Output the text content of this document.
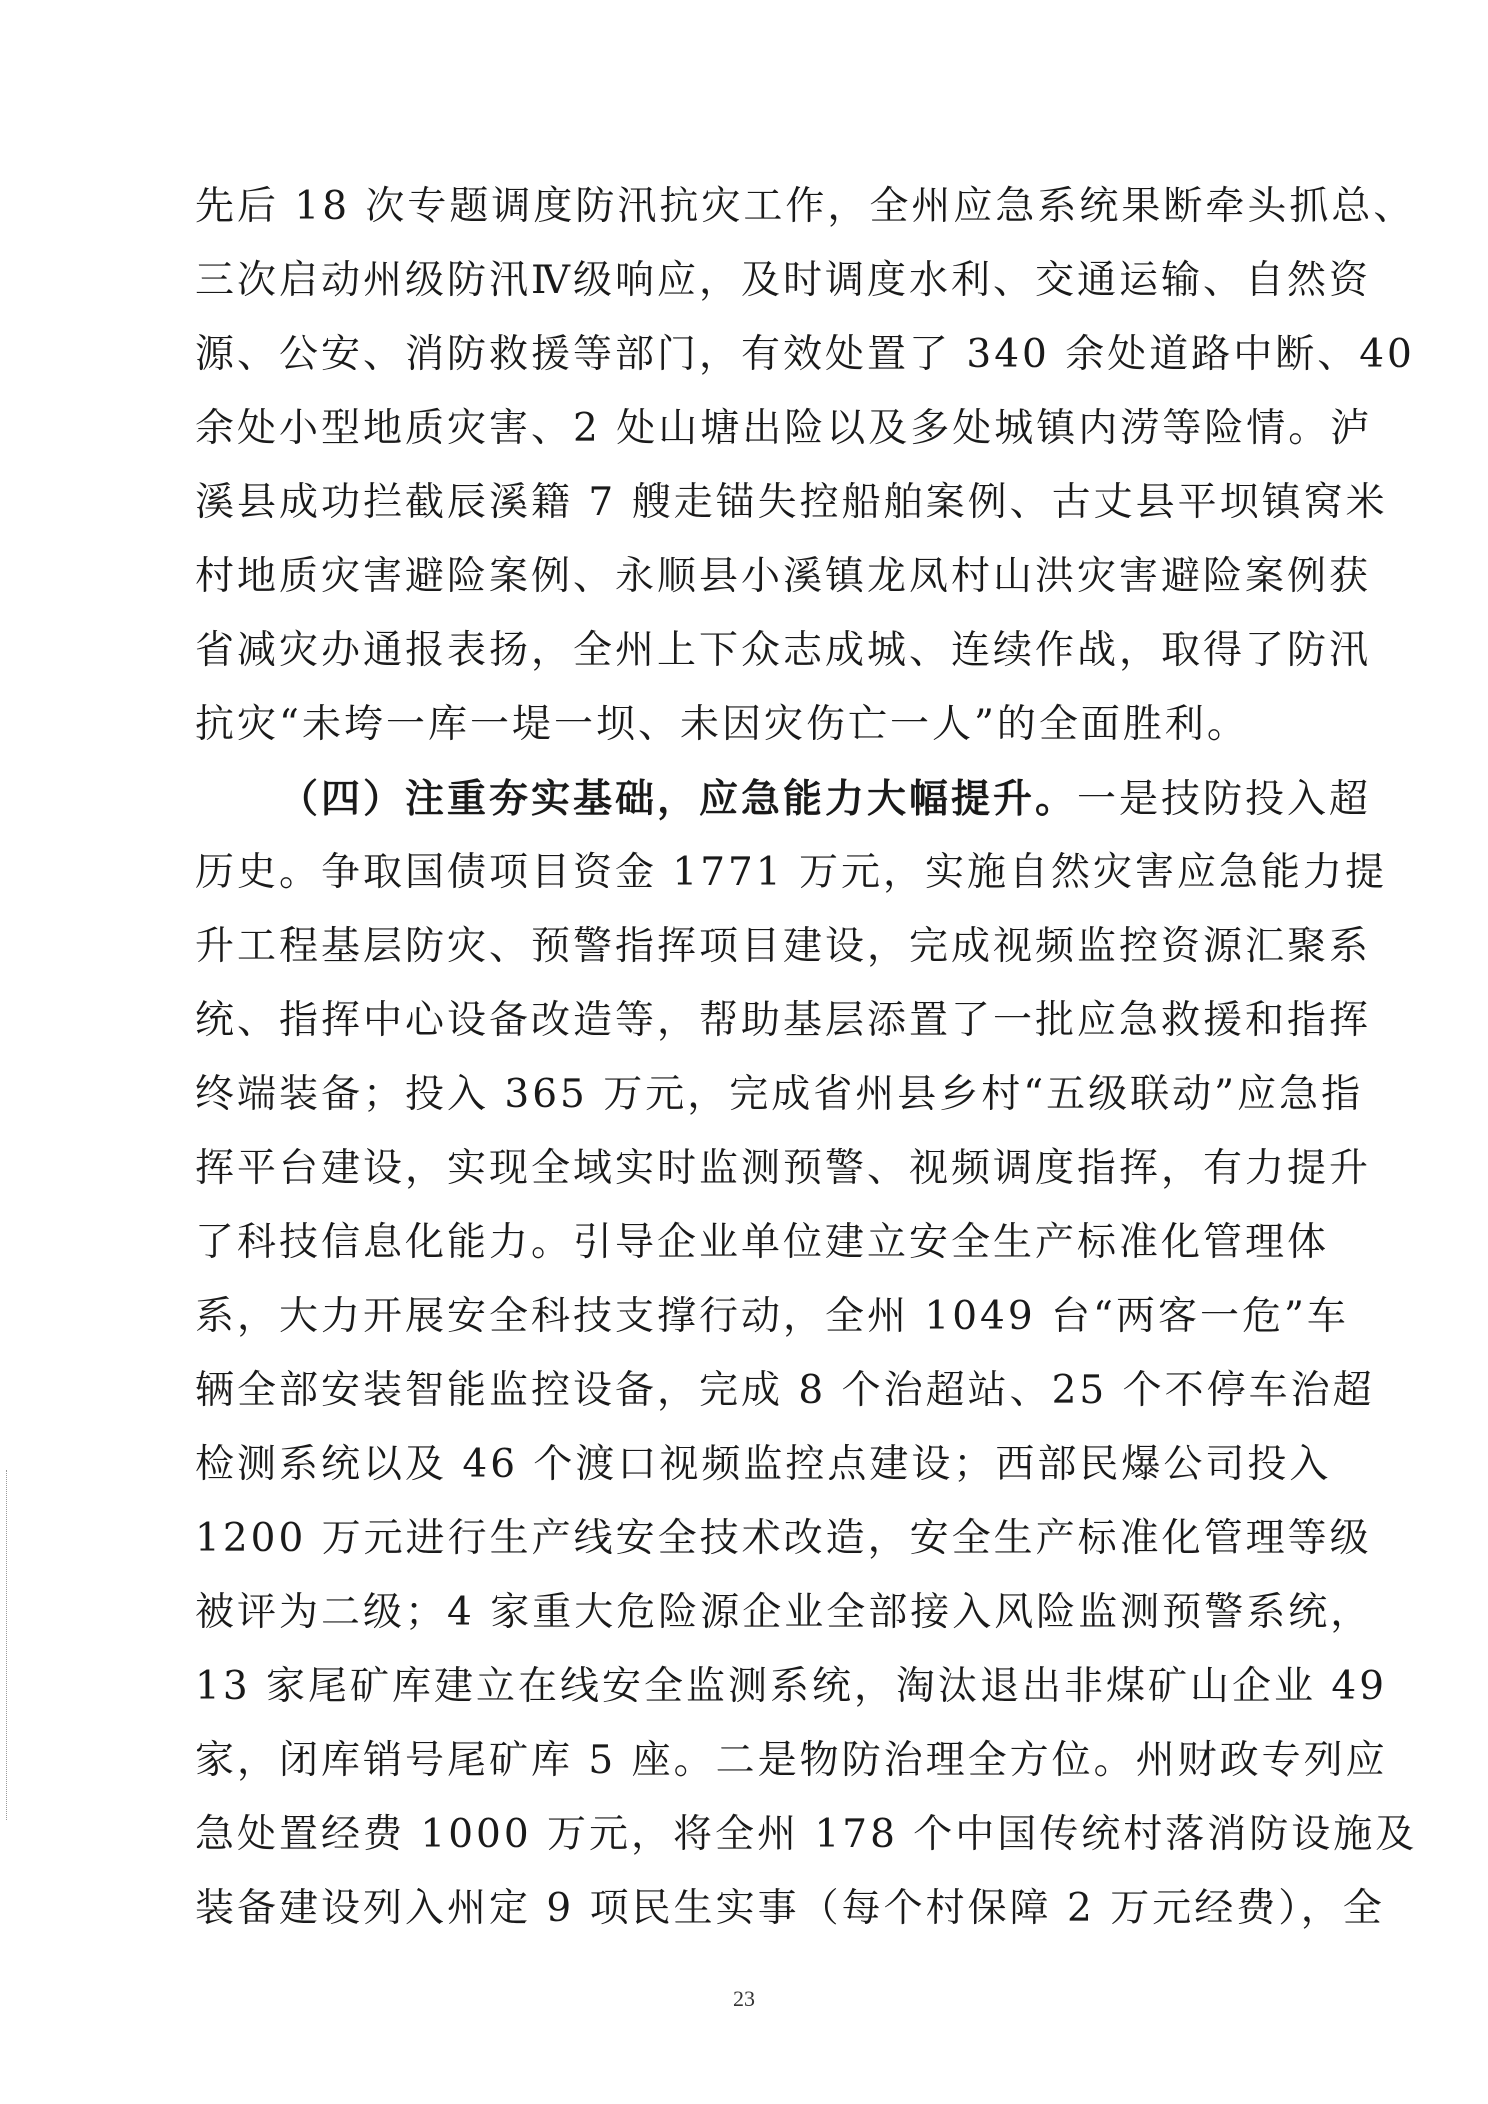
先后 18 次专题调度防汛抗灾工作，全州应急系统果断牵头抓总、
三次启动州级防汛Ⅳ级响应，及时调度水利、交通运输、自然资
源、公安、消防救援等部门，有效处置了 340 余处道路中断、40
余处小型地质灾害、2 处山塘出险以及多处城镇内涝等险情。泸
溪县成功拦截辰溪籍 7 艘走锚失控船舶案例、古丈县平坝镇窝米
村地质灾害避险案例、永顺县小溪镇龙凤村山洪灾害避险案例获
省减灾办通报表扬，全州上下众志成城、连续作战，取得了防汛
抗灾“未垮一库一堤一坝、未因灾伤亡一人”的全面胜利。
（四）注重夯实基础，应急能力大幅提升。一是技防投入超
历史。争取国债项目资金 1771 万元，实施自然灾害应急能力提
升工程基层防灾、预警指挥项目建设，完成视频监控资源汇聚系
统、指挥中心设备改造等，帮助基层添置了一批应急救援和指挥
终端装备；投入 365 万元，完成省州县乡村“五级联动”应急指
挥平台建设，实现全域实时监测预警、视频调度指挥，有力提升
了科技信息化能力。引导企业单位建立安全生产标准化管理体
系，大力开展安全科技支撑行动，全州 1049 台“两客一危”车
辆全部安装智能监控设备，完成 8 个治超站、25 个不停车治超
检测系统以及 46 个渡口视频监控点建设；西部民爆公司投入
1200 万元进行生产线安全技术改造，安全生产标准化管理等级
被评为二级；4 家重大危险源企业全部接入风险监测预警系统，
13 家尾矿库建立在线安全监测系统，淘汰退出非煤矿山企业 49
家，闭库销号尾矿库 5 座。二是物防治理全方位。州财政专列应
急处置经费 1000 万元，将全州 178 个中国传统村落消防设施及
装备建设列入州定 9 项民生实事（每个村保障 2 万元经费），全
23
